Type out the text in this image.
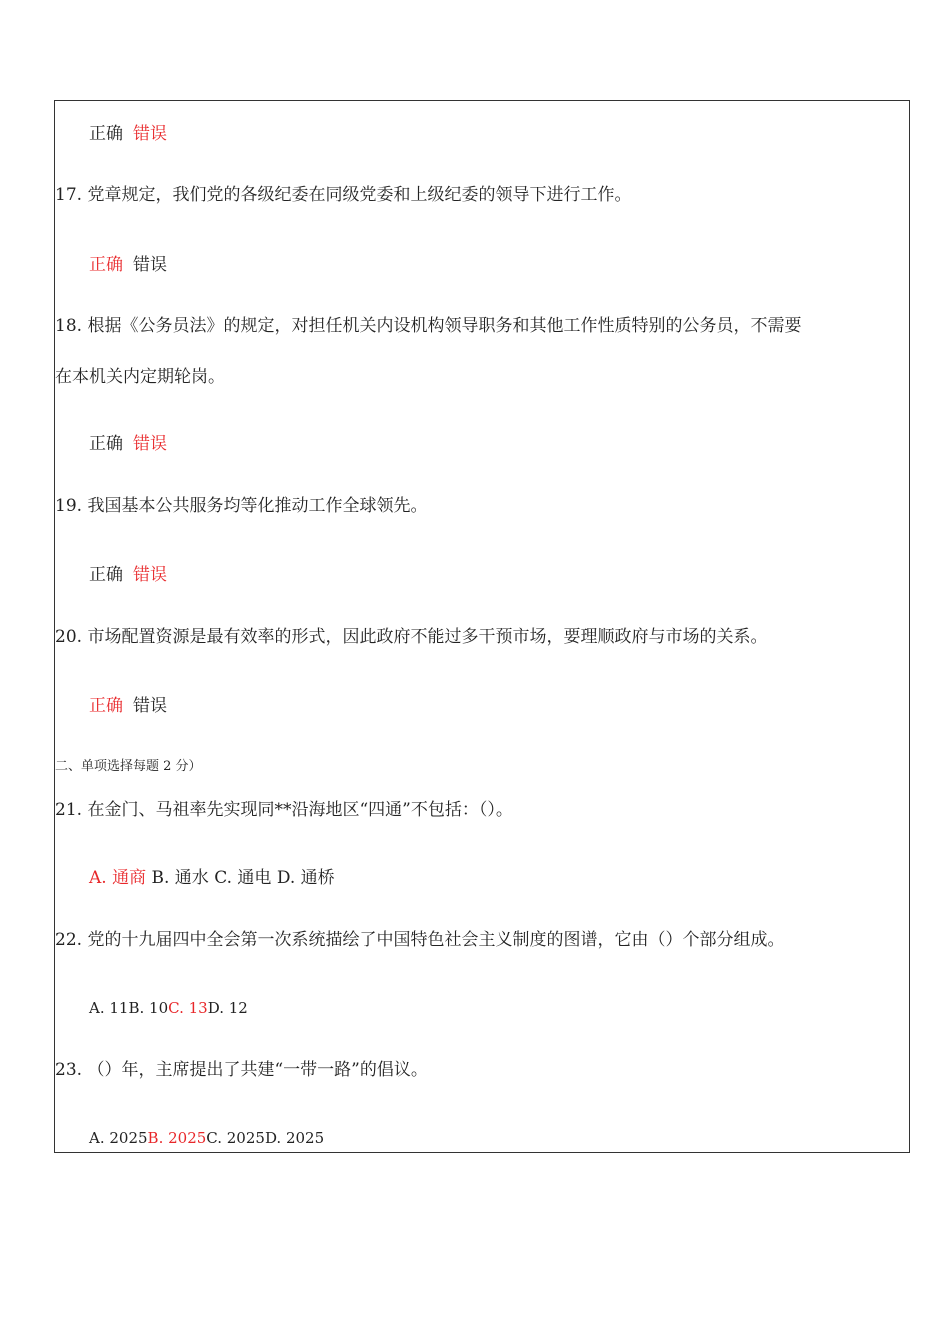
正确 错误
17. 党章规定，我们党的各级纪委在同级党委和上级纪委的领导下进行工作。
正确 错误
18. 根据《公务员法》的规定，对担任机关内设机构领导职务和其他工作性质特别的公务员，不需要
在本机关内定期轮岗。
正确 错误
19. 我国基本公共服务均等化推动工作全球领先。
正确 错误
20. 市场配置资源是最有效率的形式，因此政府不能过多干预市场，要理顺政府与市场的关系。
正确 错误
二、单项选择每题 2 分）
21. 在金门、马祖率先实现同**沿海地区“四通”不包括：（）。
A. 通商 B. 通水 C. 通电 D. 通桥
22. 党的十九届四中全会第一次系统描绘了中国特色社会主义制度的图谱，它由（）个部分组成。
A. 11B. 10C. 13D. 12
23. （）年，主席提出了共建“一带一路”的倡议。
A. 2025B. 2025C. 2025D. 2025
